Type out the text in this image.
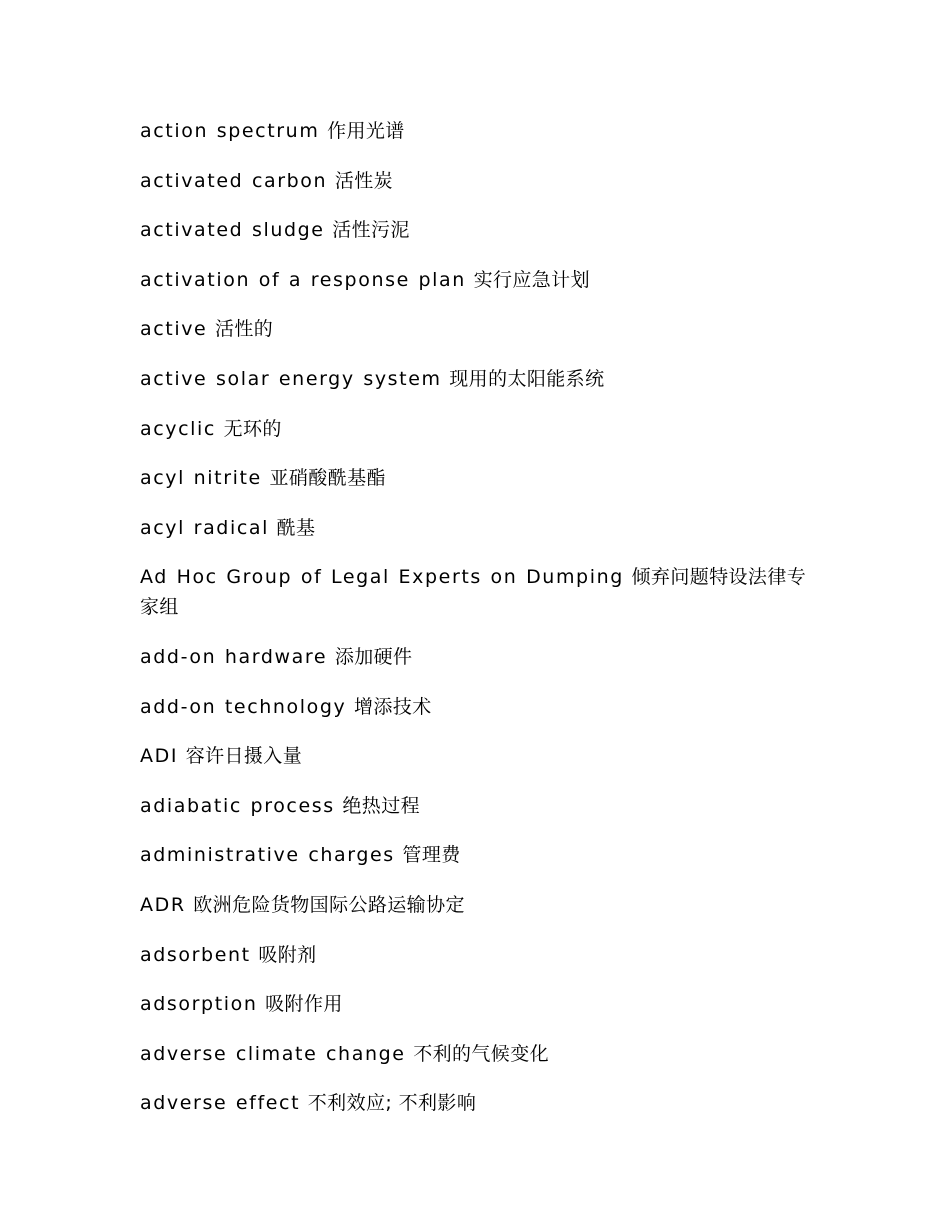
action spectrum 作用光谱
activated carbon 活性炭
activated sludge 活性污泥
activation of a response plan 实行应急计划
active 活性的
active solar energy system 现用的太阳能系统
acyclic 无环的
acyl nitrite 亚硝酸酰基酯
acyl radical 酰基
Ad Hoc Group of Legal Experts on Dumping 倾弃问题特设法律专家组
add-on hardware 添加硬件
add-on technology 增添技术
ADI 容许日摄入量
adiabatic process 绝热过程
administrative charges 管理费
ADR 欧洲危险货物国际公路运输协定
adsorbent 吸附剂
adsorption 吸附作用
adverse climate change 不利的气候变化
adverse effect 不利效应; 不利影响
